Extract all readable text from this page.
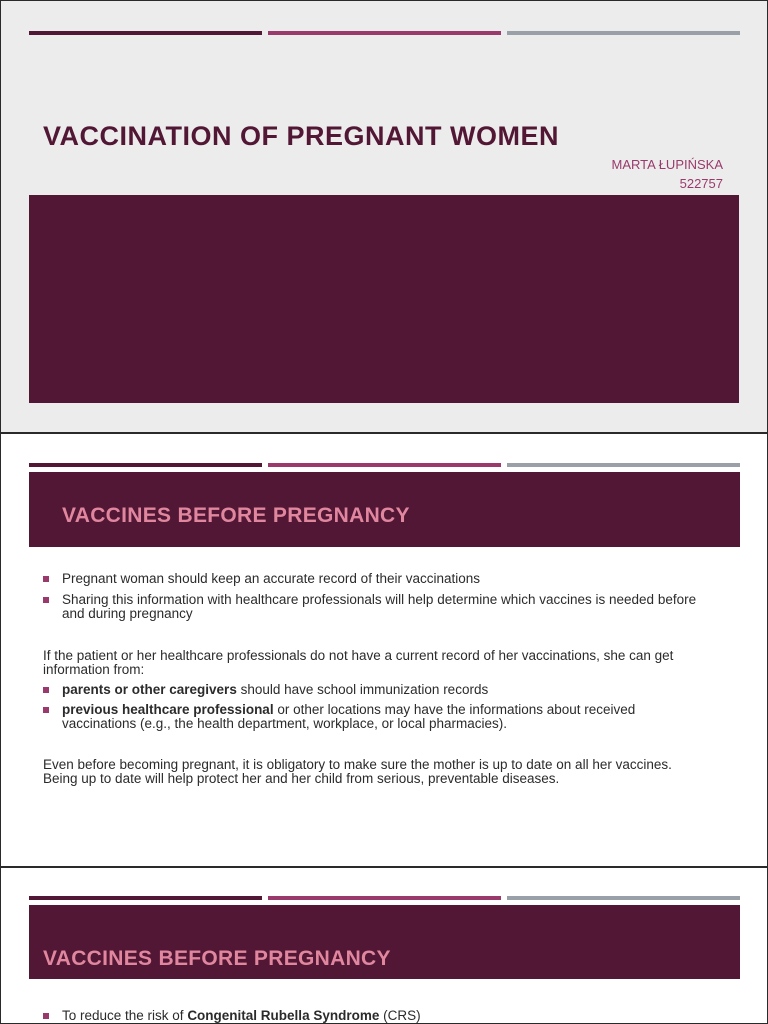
VACCINATION OF PREGNANT WOMEN
MARTA ŁUPIŃSKA
522757
VACCINES BEFORE PREGNANCY
Pregnant woman should keep an accurate record of their vaccinations
Sharing this information with healthcare professionals will help determine which vaccines is needed before and during pregnancy
If the patient or her healthcare professionals do not have a current record of her vaccinations, she can get information from:
parents or other caregivers should have school immunization records
previous healthcare professional or other locations may have the informations about received vaccinations (e.g., the health department, workplace, or local pharmacies).
Even before becoming pregnant, it is obligatory to make sure the mother is up to date on all her vaccines. Being up to date will help protect her and her child from serious, preventable diseases.
VACCINES BEFORE PREGNANCY
To reduce the risk of Congenital Rubella Syndrome (CRS)
